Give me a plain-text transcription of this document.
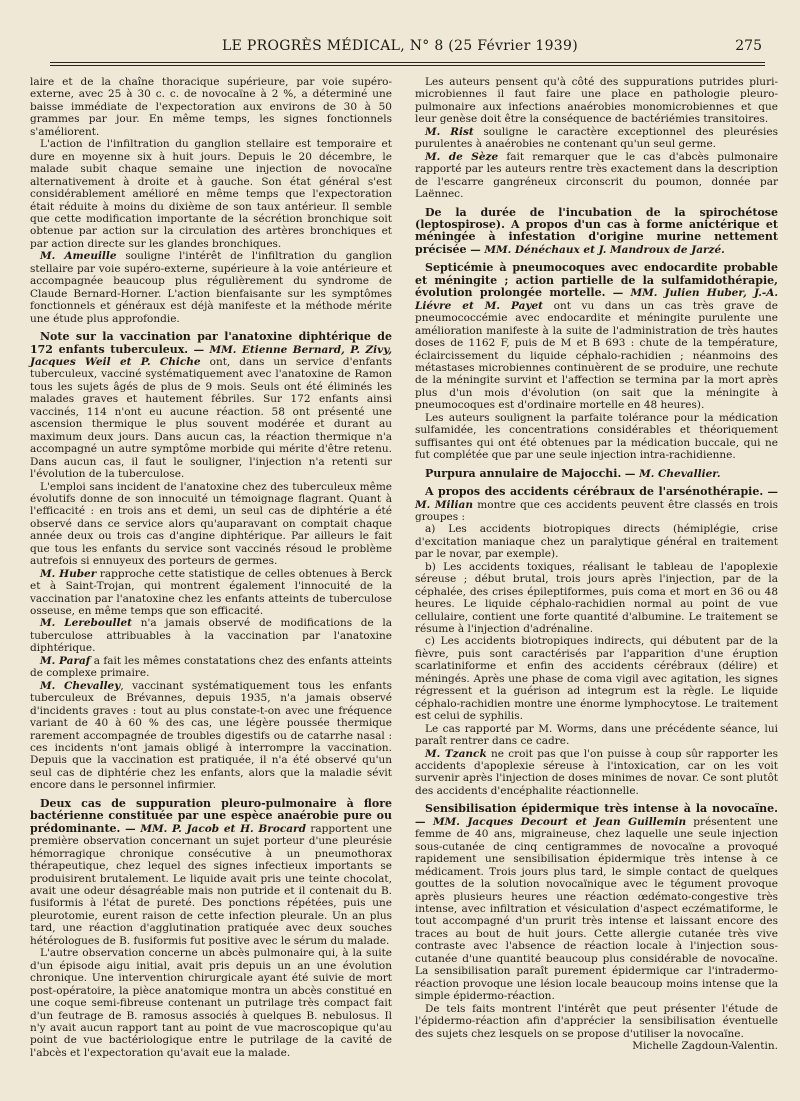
LE PROGRÈS MÉDICAL, N° 8 (25 Février 1939)	275

laire et de la chaîne thoracique supérieure, par voie supéro-externe, avec 25 à 30 c. c. de novocaïne à 2 %, a déterminé une baisse immédiate de l'expectoration aux environs de 30 à 50 grammes par jour. En même temps, les signes fonctionnels s'améliorent.

L'action de l'infiltration du ganglion stellaire est temporaire et dure en moyenne six à huit jours. Depuis le 20 décembre, le malade subit chaque semaine une injection de novocaïne alternativement à droite et à gauche. Son état général s'est considérablement amélioré en même temps que l'expectoration était réduite à moins du dixième de son taux antérieur. Il semble que cette modification importante de la sécrétion bronchique soit obtenue par action sur la circulation des artères bronchiques et par action directe sur les glandes bronchiques.

M. Ameuille souligne l'intérêt de l'infiltration du ganglion stellaire par voie supéro-externe, supérieure à la voie antérieure et accompagnée beaucoup plus régulièrement du syndrome de Claude Bernard-Horner. L'action bienfaisante sur les symptômes fonctionnels et généraux est déjà manifeste et la méthode mérite une étude plus approfondie.

Note sur la vaccination par l'anatoxine diphtérique de 172 enfants tuberculeux. — MM. Etienne Bernard, P. Zivy, Jacques Weil et P. Chiche ont, dans un service d'enfants tuberculeux, vacciné systématiquement avec l'anatoxine de Ramon tous les sujets âgés de plus de 9 mois. Seuls ont été éliminés les malades graves et hautement fébriles. Sur 172 enfants ainsi vaccinés, 114 n'ont eu aucune réaction. 58 ont présenté une ascension thermique le plus souvent modérée et durant au maximum deux jours. Dans aucun cas, la réaction thermique n'a accompagné un autre symptôme morbide qui mérite d'être retenu. Dans aucun cas, il faut le souligner, l'injection n'a retenti sur l'évolution de la tuberculose.

L'emploi sans incident de l'anatoxine chez des tuberculeux même évolutifs donne de son innocuité un témoignage flagrant. Quant à l'efficacité : en trois ans et demi, un seul cas de diphtérie a été observé dans ce service alors qu'auparavant on comptait chaque année deux ou trois cas d'angine diphtérique. Par ailleurs le fait que tous les enfants du service sont vaccinés résoud le problème autrefois si ennuyeux des porteurs de germes.

M. Huber rapproche cette statistique de celles obtenues à Berck et à Saint-Trojan, qui montrent également l'innocuité de la vaccination par l'anatoxine chez les enfants atteints de tuberculose osseuse, en même temps que son efficacité.

M. Lereboullet n'a jamais observé de modifications de la tuberculose attribuables à la vaccination par l'anatoxine diphtérique.

M. Paraf a fait les mêmes constatations chez des enfants atteints de complexe primaire.

M. Chevalley, vaccinant systématiquement tous les enfants tuberculeux de Brévannes, depuis 1935, n'a jamais observé d'incidents graves : tout au plus constate-t-on avec une fréquence variant de 40 à 60 % des cas, une légère poussée thermique rarement accompagnée de troubles digestifs ou de catarrhe nasal : ces incidents n'ont jamais obligé à interrompre la vaccination. Depuis que la vaccination est pratiquée, il n'a été observé qu'un seul cas de diphtérie chez les enfants, alors que la maladie sévit encore dans le personnel infirmier.

Deux cas de suppuration pleuro-pulmonaire à flore bactérienne constituée par une espèce anaérobie pure ou prédominante. — MM. P. Jacob et H. Brocard rapportent une première observation concernant un sujet porteur d'une pleurésie hémorragique chronique consécutive à un pneumothorax thérapeutique, chez lequel des signes infectieux importants se produisirent brutalement. Le liquide avait pris une teinte chocolat, avait une odeur désagréable mais non putride et il contenait du B. fusiformis à l'état de pureté. Des ponctions répétées, puis une pleurotomie, eurent raison de cette infection pleurale. Un an plus tard, une réaction d'agglutination pratiquée avec deux souches hétérologues de B. fusiformis fut positive avec le sérum du malade.

L'autre observation concerne un abcès pulmonaire qui, à la suite d'un épisode aigu initial, avait pris depuis un an une évolution chronique. Une intervention chirurgicale ayant été suivie de mort post-opératoire, la pièce anatomique montra un abcès constitué en une coque semi-fibreuse contenant un putrilage très compact fait d'un feutrage de B. ramosus associés à quelques B. nebulosus. Il n'y avait aucun rapport tant au point de vue macroscopique qu'au point de vue bactériologique entre le putrilage de la cavité de l'abcès et l'expectoration qu'avait eue la malade.

Les auteurs pensent qu'à côté des suppurations putrides pluri-microbiennes il faut faire une place en pathologie pleuro-pulmonaire aux infections anaérobies monomicrobiennes et que leur genèse doit être la conséquence de bactériémies transitoires.

M. Rist souligne le caractère exceptionnel des pleurésies purulentes à anaérobies ne contenant qu'un seul germe.

M. de Sèze fait remarquer que le cas d'abcès pulmonaire rapporté par les auteurs rentre très exactement dans la description de l'escarre gangréneux circonscrit du poumon, donnée par Laënnec.

De la durée de l'incubation de la spirochétose (leptospirose). A propos d'un cas à forme anictérique et méningée à infestation d'origine murine nettement précisée — MM. Dénéchaux et J. Mandroux de Jarzé.

Septicémie à pneumocoques avec endocardite probable et méningite ; action partielle de la sulfamidothérapie, évolution prolongée mortelle. — MM. Julien Huber, J.-A. Liévre et M. Payet ont vu dans un cas très grave de pneumococcémie avec endocardite et méningite purulente une amélioration manifeste à la suite de l'administration de très hautes doses de 1162 F, puis de M et B 693 : chute de la température, éclaircissement du liquide céphalo-rachidien ; néanmoins des métastases microbiennes continuèrent de se produire, une rechute de la méningite survint et l'affection se termina par la mort après plus d'un mois d'évolution (on sait que la méningite à pneumocoques est d'ordinaire mortelle en 48 heures).

Les auteurs soulignent la parfaite tolérance pour la médication sulfamidée, les concentrations considérables et théoriquement suffisantes qui ont été obtenues par la médication buccale, qui ne fut complétée que par une seule injection intra-rachidienne.

Purpura annulaire de Majocchi. — M. Chevallier.

A propos des accidents cérébraux de l'arsénothérapie. — M. Milian montre que ces accidents peuvent être classés en trois groupes :

a) Les accidents biotropiques directs (hémiplégie, crise d'excitation maniaque chez un paralytique général en traitement par le novar, par exemple).

b) Les accidents toxiques, réalisant le tableau de l'apoplexie séreuse ; début brutal, trois jours après l'injection, par de la céphalée, des crises épileptiformes, puis coma et mort en 36 ou 48 heures. Le liquide céphalo-rachidien normal au point de vue cellulaire, contient une forte quantité d'albumine. Le traitement se résume à l'injection d'adrénaline.

c) Les accidents biotropiques indirects, qui débutent par de la fièvre, puis sont caractérisés par l'apparition d'une éruption scarlatiniforme et enfin des accidents cérébraux (délire) et méningés. Après une phase de coma vigil avec agitation, les signes régressent et la guérison ad integrum est la règle. Le liquide céphalo-rachidien montre une énorme lymphocytose. Le traitement est celui de syphilis.

Le cas rapporté par M. Worms, dans une précédente séance, lui paraît rentrer dans ce cadre.

M. Tzanck ne croit pas que l'on puisse à coup sûr rapporter les accidents d'apoplexie séreuse à l'intoxication, car on les voit survenir après l'injection de doses minimes de novar. Ce sont plutôt des accidents d'encéphalite réactionnelle.

Sensibilisation épidermique très intense à la novocaïne. — MM. Jacques Decourt et Jean Guillemin présentent une femme de 40 ans, migraineuse, chez laquelle une seule injection sous-cutanée de cinq centigrammes de novocaïne a provoqué rapidement une sensibilisation épidermique très intense à ce médicament. Trois jours plus tard, le simple contact de quelques gouttes de la solution novocaïnique avec le tégument provoque après plusieurs heures une réaction œdémato-congestive très intense, avec infiltration et vésiculation d'aspect eczématiforme, le tout accompagné d'un prurit très intense et laissant encore des traces au bout de huit jours. Cette allergie cutanée très vive contraste avec l'absence de réaction locale à l'injection sous-cutanée d'une quantité beaucoup plus considérable de novocaïne. La sensibilisation paraît purement épidermique car l'intradermo-réaction provoque une lésion locale beaucoup moins intense que la simple épidermo-réaction.

De tels faits montrent l'intérêt que peut présenter l'étude de l'épidermo-réaction afin d'apprécier la sensibilisation éventuelle des sujets chez lesquels on se propose d'utiliser la novocaïne.

Michelle Zagdoun-Valentin.
